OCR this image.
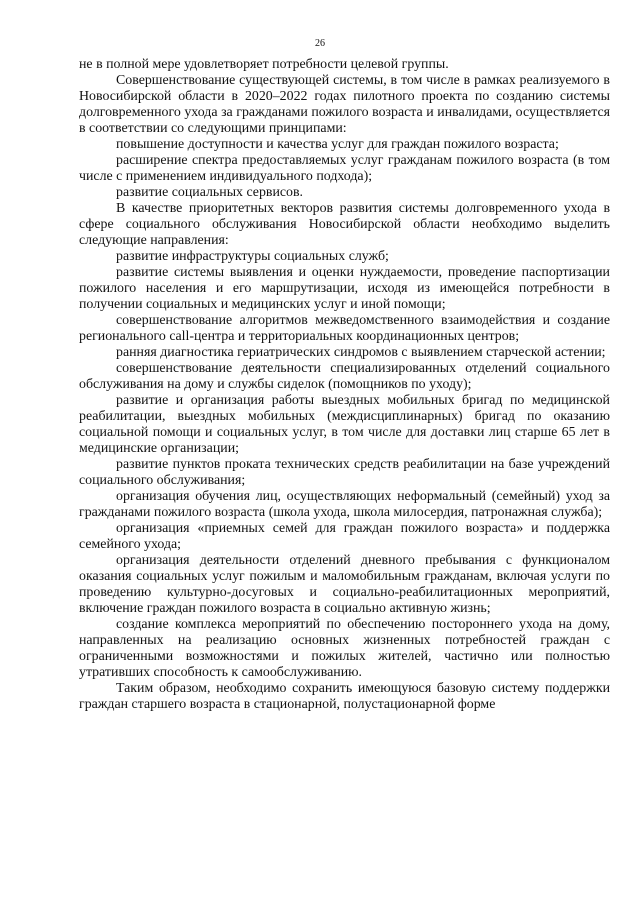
26

не в полной мере удовлетворяет потребности целевой группы.

Совершенствование существующей системы, в том числе в рамках реализуемого в Новосибирской области в 2020–2022 годах пилотного проекта по созданию системы долговременного ухода за гражданами пожилого возраста и инвалидами, осуществляется в соответствии со следующими принципами:

повышение доступности и качества услуг для граждан пожилого возраста;

расширение спектра предоставляемых услуг гражданам пожилого возраста (в том числе с применением индивидуального подхода);

развитие социальных сервисов.

В качестве приоритетных векторов развития системы долговременного ухода в сфере социального обслуживания Новосибирской области необходимо выделить следующие направления:

развитие инфраструктуры социальных служб;

развитие системы выявления и оценки нуждаемости, проведение паспортизации пожилого населения и его маршрутизации, исходя из имеющейся потребности в получении социальных и медицинских услуг и иной помощи;

совершенствование алгоритмов межведомственного взаимодействия и создание регионального call-центра и территориальных координационных центров;

ранняя диагностика гериатрических синдромов с выявлением старческой астении;

совершенствование деятельности специализированных отделений социального обслуживания на дому и службы сиделок (помощников по уходу);

развитие и организация работы выездных мобильных бригад по медицинской реабилитации, выездных мобильных (междисциплинарных) бригад по оказанию социальной помощи и социальных услуг, в том числе для доставки лиц старше 65 лет в медицинские организации;

развитие пунктов проката технических средств реабилитации на базе учреждений социального обслуживания;

организация обучения лиц, осуществляющих неформальный (семейный) уход за гражданами пожилого возраста (школа ухода, школа милосердия, патронажная служба);

организация «приемных семей для граждан пожилого возраста» и поддержка семейного ухода;

организация деятельности отделений дневного пребывания с функционалом оказания социальных услуг пожилым и маломобильным гражданам, включая услуги по проведению культурно-досуговых и социально-реабилитационных мероприятий, включение граждан пожилого возраста в социально активную жизнь;

создание комплекса мероприятий по обеспечению постороннего ухода на дому, направленных на реализацию основных жизненных потребностей граждан с ограниченными возможностями и пожилых жителей, частично или полностью утративших способность к самообслуживанию.

Таким образом, необходимо сохранить имеющуюся базовую систему поддержки граждан старшего возраста в стационарной, полустационарной форме
